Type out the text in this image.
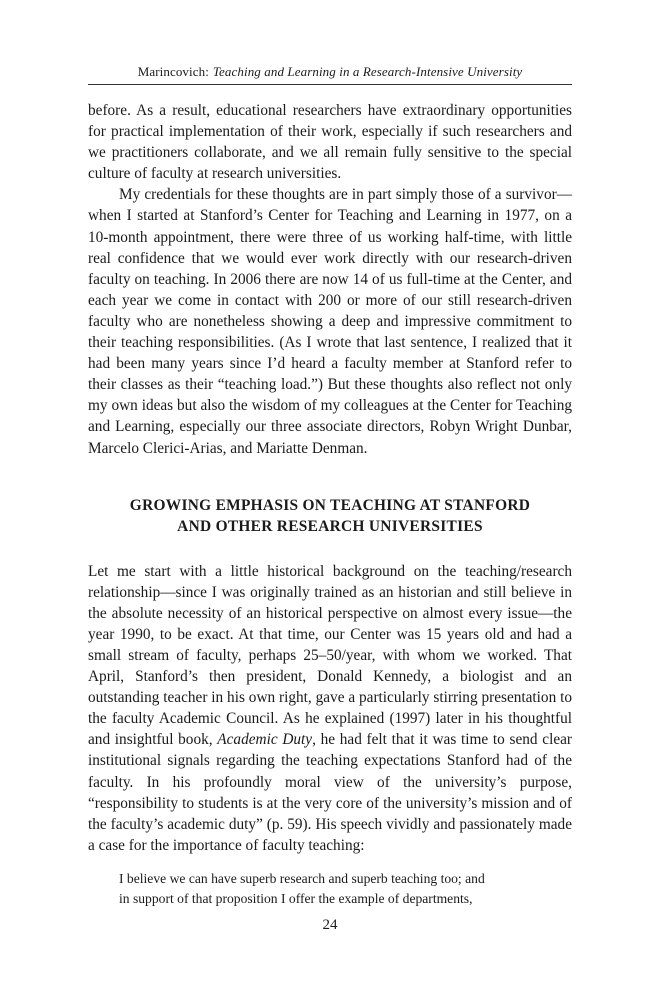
Marincovich: Teaching and Learning in a Research-Intensive University

before. As a result, educational researchers have extraordinary opportunities for practical implementation of their work, especially if such researchers and we practitioners collaborate, and we all remain fully sensitive to the special culture of faculty at research universities.

My credentials for these thoughts are in part simply those of a survivor—when I started at Stanford’s Center for Teaching and Learning in 1977, on a 10-month appointment, there were three of us working half-time, with little real confidence that we would ever work directly with our research-driven faculty on teaching. In 2006 there are now 14 of us full-time at the Center, and each year we come in contact with 200 or more of our still research-driven faculty who are nonetheless showing a deep and impressive commitment to their teaching responsibilities. (As I wrote that last sentence, I realized that it had been many years since I’d heard a faculty member at Stanford refer to their classes as their “teaching load.”) But these thoughts also reflect not only my own ideas but also the wisdom of my colleagues at the Center for Teaching and Learning, especially our three associate directors, Robyn Wright Dunbar, Marcelo Clerici-Arias, and Mariatte Denman.

GROWING EMPHASIS ON TEACHING AT STANFORD
AND OTHER RESEARCH UNIVERSITIES

Let me start with a little historical background on the teaching/research relationship—since I was originally trained as an historian and still believe in the absolute necessity of an historical perspective on almost every issue—the year 1990, to be exact. At that time, our Center was 15 years old and had a small stream of faculty, perhaps 25–50/year, with whom we worked. That April, Stanford’s then president, Donald Kennedy, a biologist and an outstanding teacher in his own right, gave a particularly stirring presentation to the faculty Academic Council. As he explained (1997) later in his thoughtful and insightful book, Academic Duty, he had felt that it was time to send clear institutional signals regarding the teaching expectations Stanford had of the faculty. In his profoundly moral view of the university’s purpose, “responsibility to students is at the very core of the university’s mission and of the faculty’s academic duty” (p. 59). His speech vividly and passionately made a case for the importance of faculty teaching:

I believe we can have superb research and superb teaching too; and
in support of that proposition I offer the example of departments,
24
